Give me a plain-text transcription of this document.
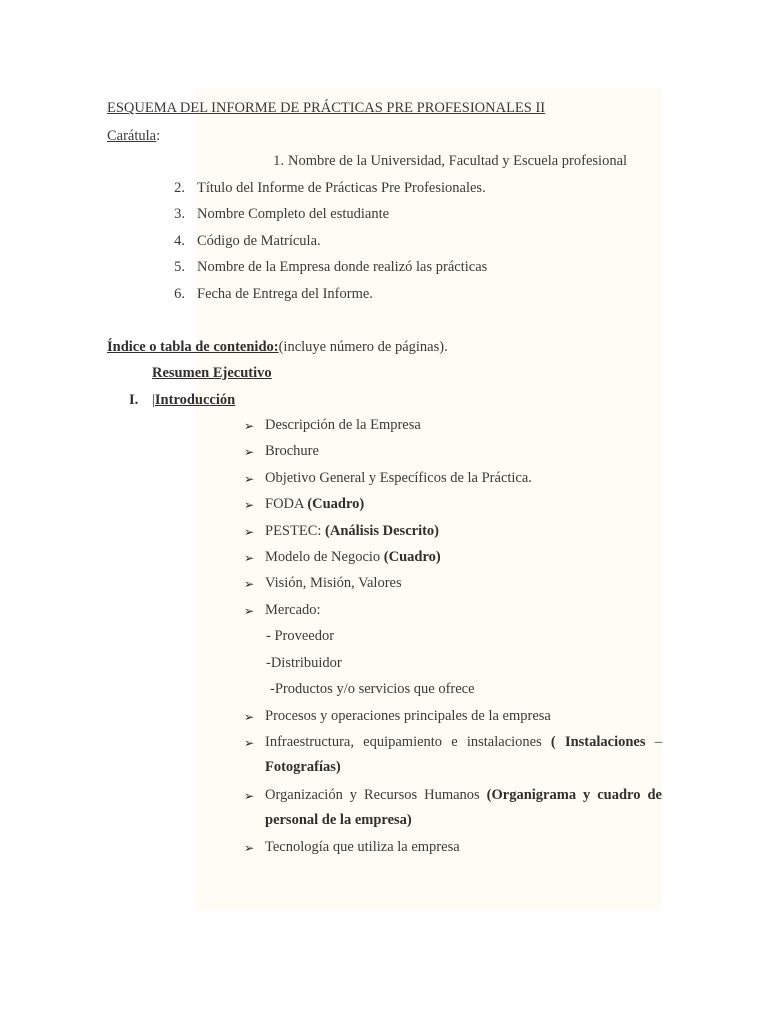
ESQUEMA DEL INFORME DE PRÁCTICAS PRE PROFESIONALES II
Carátula:
1. Nombre de la Universidad, Facultad y Escuela profesional
2. Título del Informe de Prácticas Pre Profesionales.
3. Nombre Completo del estudiante
4. Código de Matrícula.
5. Nombre de la Empresa donde realizó las prácticas
6. Fecha de Entrega del Informe.
Índice o tabla de contenido:(incluye número de páginas).
Resumen Ejecutivo
I. |Introducción
➢ Descripción de la Empresa
➢ Brochure
➢ Objetivo General y Específicos de la Práctica.
➢ FODA (Cuadro)
➢ PESTEC: (Análisis Descrito)
➢ Modelo de Negocio (Cuadro)
➢ Visión, Misión, Valores
➢ Mercado:
- Proveedor
-Distribuidor
-Productos y/o servicios que ofrece
➢ Procesos y operaciones principales de la empresa
➢ Infraestructura, equipamiento e instalaciones ( Instalaciones –
Fotografías)
➢ Organización y Recursos Humanos (Organigrama y cuadro de
personal de la empresa)
➢ Tecnología que utiliza la empresa
